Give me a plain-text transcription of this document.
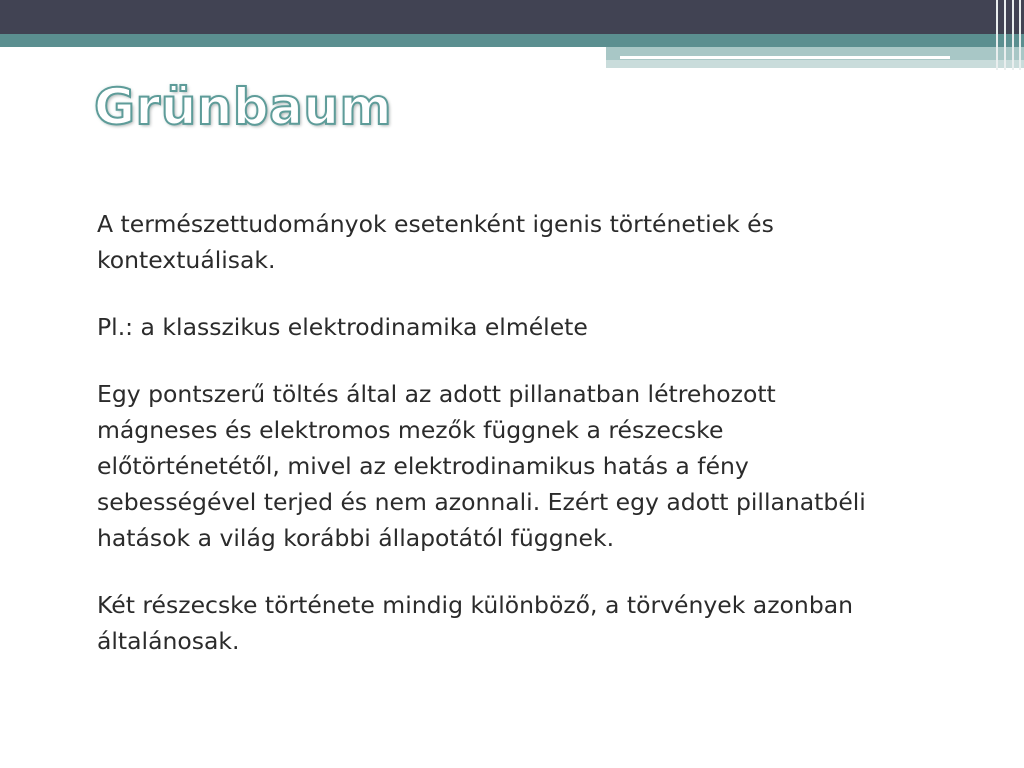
Grünbaum
A természettudományok esetenként igenis történetiek és kontextuálisak.
Pl.: a klasszikus elektrodinamika elmélete
Egy pontszerű töltés által az adott pillanatban létrehozott mágneses és elektromos mezők függnek a részecske előtörténetétől, mivel az elektrodinamikus hatás a fény sebességével terjed és nem azonnali. Ezért egy adott pillanatbéli hatások a világ korábbi állapotától függnek.
Két részecske története mindig különböző, a törvények azonban általánosak.
